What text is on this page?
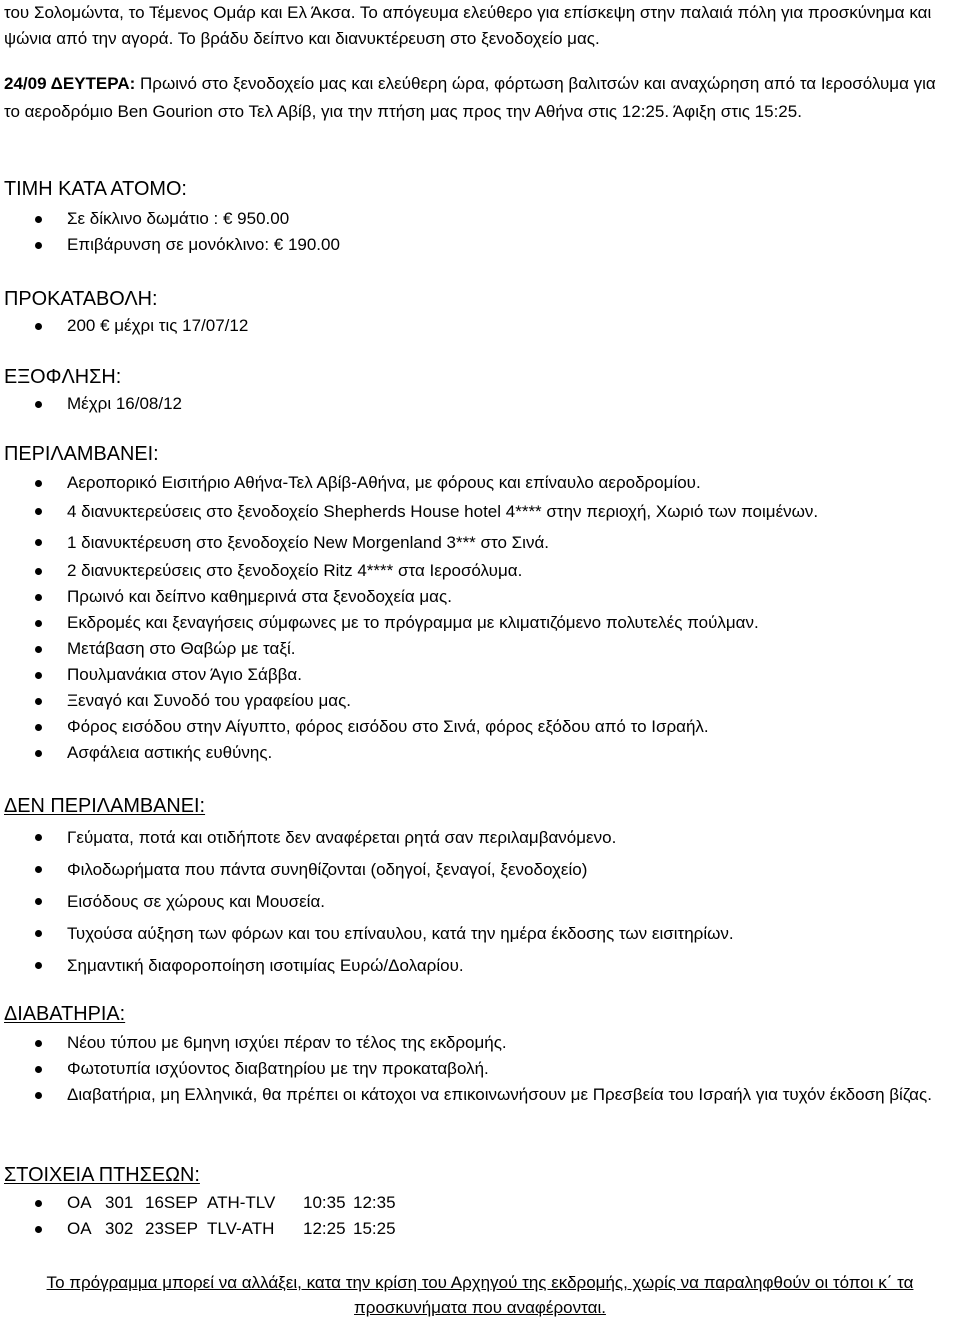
του Σολομώντα, το Τέμενος Ομάρ και Ελ Άκσα. Το απόγευμα ελεύθερο για επίσκεψη στην παλαιά πόλη για προσκύνημα και ψώνια από την αγορά. Το βράδυ δείπνο και διανυκτέρευση στο ξενοδοχείο μας.

24/09 ΔΕΥΤΕΡΑ: Πρωινό στο ξενοδοχείο μας και ελεύθερη ώρα, φόρτωση βαλιτσών και αναχώρηση από τα Ιεροσόλυμα για το αεροδρόμιο Ben Gourion στο Τελ Αβίβ, για την πτήση μας προς την Αθήνα στις 12:25. Άφιξη στις 15:25.

ΤΙΜΗ ΚΑΤΑ ΑΤΟΜΟ:
Σε δίκλινο δωμάτιο : € 950.00
Επιβάρυνση σε μονόκλινο: € 190.00
ΠΡΟΚΑΤΑΒΟΛΗ:
200 € μέχρι τις 17/07/12
ΕΞΟΦΛΗΣΗ:
Μέχρι 16/08/12
ΠΕΡΙΛΑΜΒΑΝΕΙ:
Αεροπορικό Εισιτήριο Αθήνα-Τελ Αβίβ-Αθήνα, με φόρους και επίναυλο αεροδρομίου.
4 διανυκτερεύσεις στο ξενοδοχείο Shepherds House hotel 4**** στην περιοχή, Χωριό των ποιμένων.
1 διανυκτέρευση στο ξενοδοχείο New Morgenland 3*** στο Σινά.
2 διανυκτερεύσεις στο ξενοδοχείο Ritz 4**** στα Ιεροσόλυμα.
Πρωινό και δείπνο καθημερινά στα ξενοδοχεία μας.
Εκδρομές και ξεναγήσεις σύμφωνες με το πρόγραμμα με κλιματιζόμενο πολυτελές πούλμαν.
Μετάβαση στο Θαβώρ με ταξί.
Πουλμανάκια στον Άγιο Σάββα.
Ξεναγό και Συνοδό του γραφείου μας.
Φόρος εισόδου στην Αίγυπτο, φόρος εισόδου στο Σινά, φόρος εξόδου από το Ισραήλ.
Ασφάλεια αστικής ευθύνης.
ΔΕΝ ΠΕΡΙΛΑΜΒΑΝΕΙ:
Γεύματα, ποτά και οτιδήποτε δεν αναφέρεται ρητά σαν περιλαμβανόμενο.
Φιλοδωρήματα που πάντα συνηθίζονται (οδηγοί, ξεναγοί, ξενοδοχείο)
Εισόδους σε χώρους και Μουσεία.
Τυχούσα αύξηση των φόρων και του επίναυλου, κατά την ημέρα έκδοσης των εισιτηρίων.
Σημαντική διαφοροποίηση ισοτιμίας Ευρώ/Δολαρίου.
ΔΙΑΒΑΤΗΡΙΑ:
Νέου τύπου με 6μηνη ισχύει πέραν το τέλος της εκδρομής.
Φωτοτυπία ισχύοντος διαβατηρίου με την προκαταβολή.
Διαβατήρια, μη Ελληνικά, θα πρέπει οι κάτοχοι να επικοινωνήσουν με Πρεσβεία του Ισραήλ για τυχόν έκδοση βίζας.
ΣΤΟΙΧΕΙΑ ΠΤΗΣΕΩΝ:
OA 301 16SEP ATH-TLV 10:35 12:35
OA 302 23SEP TLV-ATH 12:25 15:25

Το πρόγραμμα μπορεί να αλλάξει, κατα την κρίση του Αρχηγού της εκδρομής, χωρίς να παραληφθούν οι τόποι κ΄ τα προσκυνήματα που αναφέρονται.
